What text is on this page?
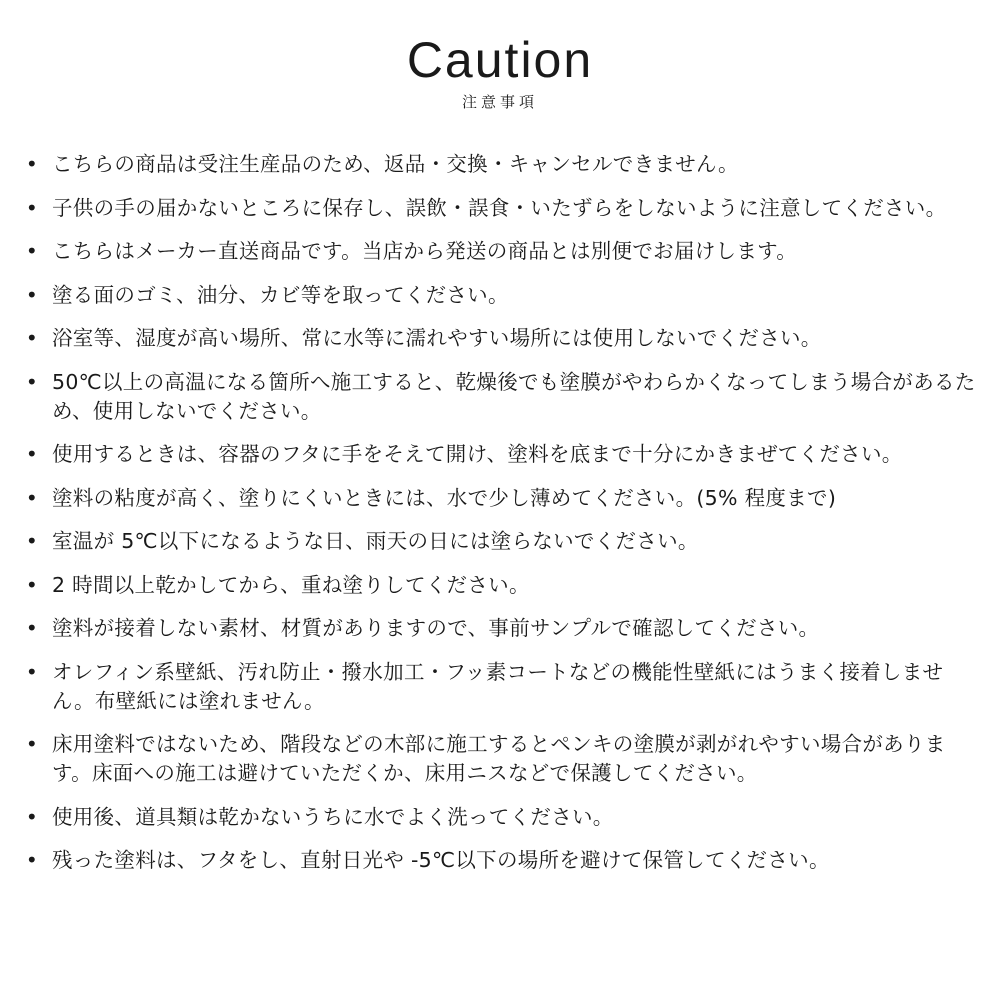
Caution
注意事項
• こちらの商品は受注生産品のため、返品・交換・キャンセルできません。
• 子供の手の届かないところに保存し、誤飲・誤食・いたずらをしないように注意してください。
• こちらはメーカー直送商品です。当店から発送の商品とは別便でお届けします。
• 塗る面のゴミ、油分、カビ等を取ってください。
• 浴室等、湿度が高い場所、常に水等に濡れやすい場所には使用しないでください。
• 50℃以上の高温になる箇所へ施工すると、乾燥後でも塗膜がやわらかくなってしまう場合があるため、使用しないでください。
• 使用するときは、容器のフタに手をそえて開け、塗料を底まで十分にかきまぜてください。
• 塗料の粘度が高く、塗りにくいときには、水で少し薄めてください。(5% 程度まで)
• 室温が 5℃以下になるような日、雨天の日には塗らないでください。
• 2 時間以上乾かしてから、重ね塗りしてください。
• 塗料が接着しない素材、材質がありますので、事前サンプルで確認してください。
• オレフィン系壁紙、汚れ防止・撥水加工・フッ素コートなどの機能性壁紙にはうまく接着しません。布壁紙には塗れません。
• 床用塗料ではないため、階段などの木部に施工するとペンキの塗膜が剥がれやすい場合があります。床面への施工は避けていただくか、床用ニスなどで保護してください。
• 使用後、道具類は乾かないうちに水でよく洗ってください。
• 残った塗料は、フタをし、直射日光や -5℃以下の場所を避けて保管してください。
